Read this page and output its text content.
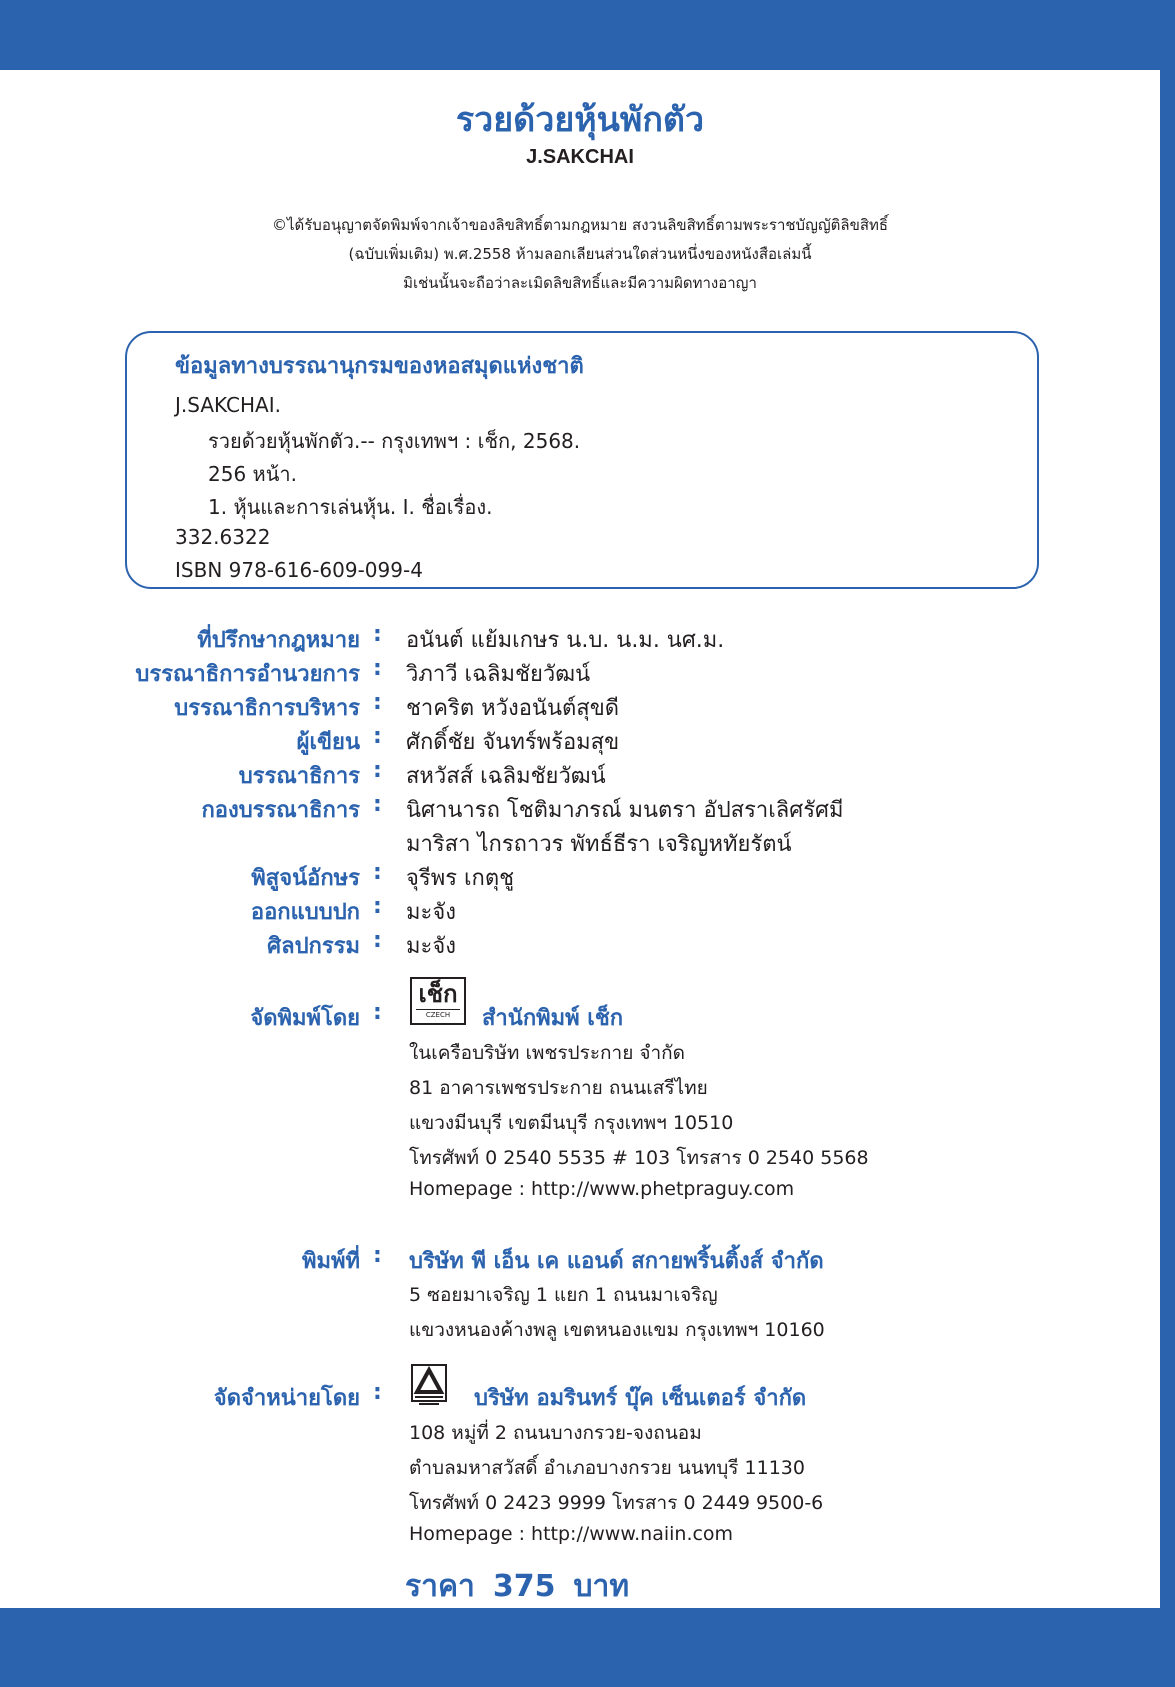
รวยด้วยหุ้นพักตัว
J.SAKCHAI
©ได้รับอนุญาตจัดพิมพ์จากเจ้าของลิขสิทธิ์ตามกฎหมาย สงวนลิขสิทธิ์ตามพระราชบัญญัติลิขสิทธิ์
(ฉบับเพิ่มเติม) พ.ศ.2558 ห้ามลอกเลียนส่วนใดส่วนหนึ่งของหนังสือเล่มนี้
มิเช่นนั้นจะถือว่าละเมิดลิขสิทธิ์และมีความผิดทางอาญา
ข้อมูลทางบรรณานุกรมของหอสมุดแห่งชาติ
J.SAKCHAI.
รวยด้วยหุ้นพักตัว.-- กรุงเทพฯ : เช็ก, 2568.
256 หน้า.
1. หุ้นและการเล่นหุ้น. I. ชื่อเรื่อง.
332.6322
ISBN 978-616-609-099-4
ที่ปรึกษากฎหมาย : อนันต์ แย้มเกษร น.บ. น.ม. นศ.ม.
บรรณาธิการอำนวยการ : วิภาวี เฉลิมชัยวัฒน์
บรรณาธิการบริหาร : ชาคริต หวังอนันต์สุขดี
ผู้เขียน : ศักดิ์ชัย จันทร์พร้อมสุข
บรรณาธิการ : สหวัสส์ เฉลิมชัยวัฒน์
กองบรรณาธิการ : นิศานารถ โชติมาภรณ์ มนตรา อัปสราเลิศรัศมี
มาริสา ไกรถาวร พัทธ์ธีรา เจริญหทัยรัตน์
พิสูจน์อักษร : จุรีพร เกตุชู
ออกแบบปก : มะจัง
ศิลปกรรม : มะจัง
จัดพิมพ์โดย :
เช็ก
CZECH	สำนักพิมพ์ เช็ก
ในเครือบริษัท เพชรประกาย จำกัด
81 อาคารเพชรประกาย ถนนเสรีไทย
แขวงมีนบุรี เขตมีนบุรี กรุงเทพฯ 10510
โทรศัพท์ 0 2540 5535 # 103 โทรสาร 0 2540 5568
Homepage : http://www.phetpraguy.com
พิมพ์ที่ : บริษัท พี เอ็น เค แอนด์ สกายพริ้นติ้งส์ จำกัด
5 ซอยมาเจริญ 1 แยก 1 ถนนมาเจริญ
แขวงหนองค้างพลู เขตหนองแขม กรุงเทพฯ 10160
จัดจำหน่ายโดย :	บริษัท อมรินทร์ บุ๊ค เซ็นเตอร์ จำกัด
108 หมู่ที่ 2 ถนนบางกรวย-จงถนอม
ตำบลมหาสวัสดิ์ อำเภอบางกรวย นนทบุรี 11130
โทรศัพท์ 0 2423 9999 โทรสาร 0 2449 9500-6
Homepage : http://www.naiin.com
ราคา 375 บาท
